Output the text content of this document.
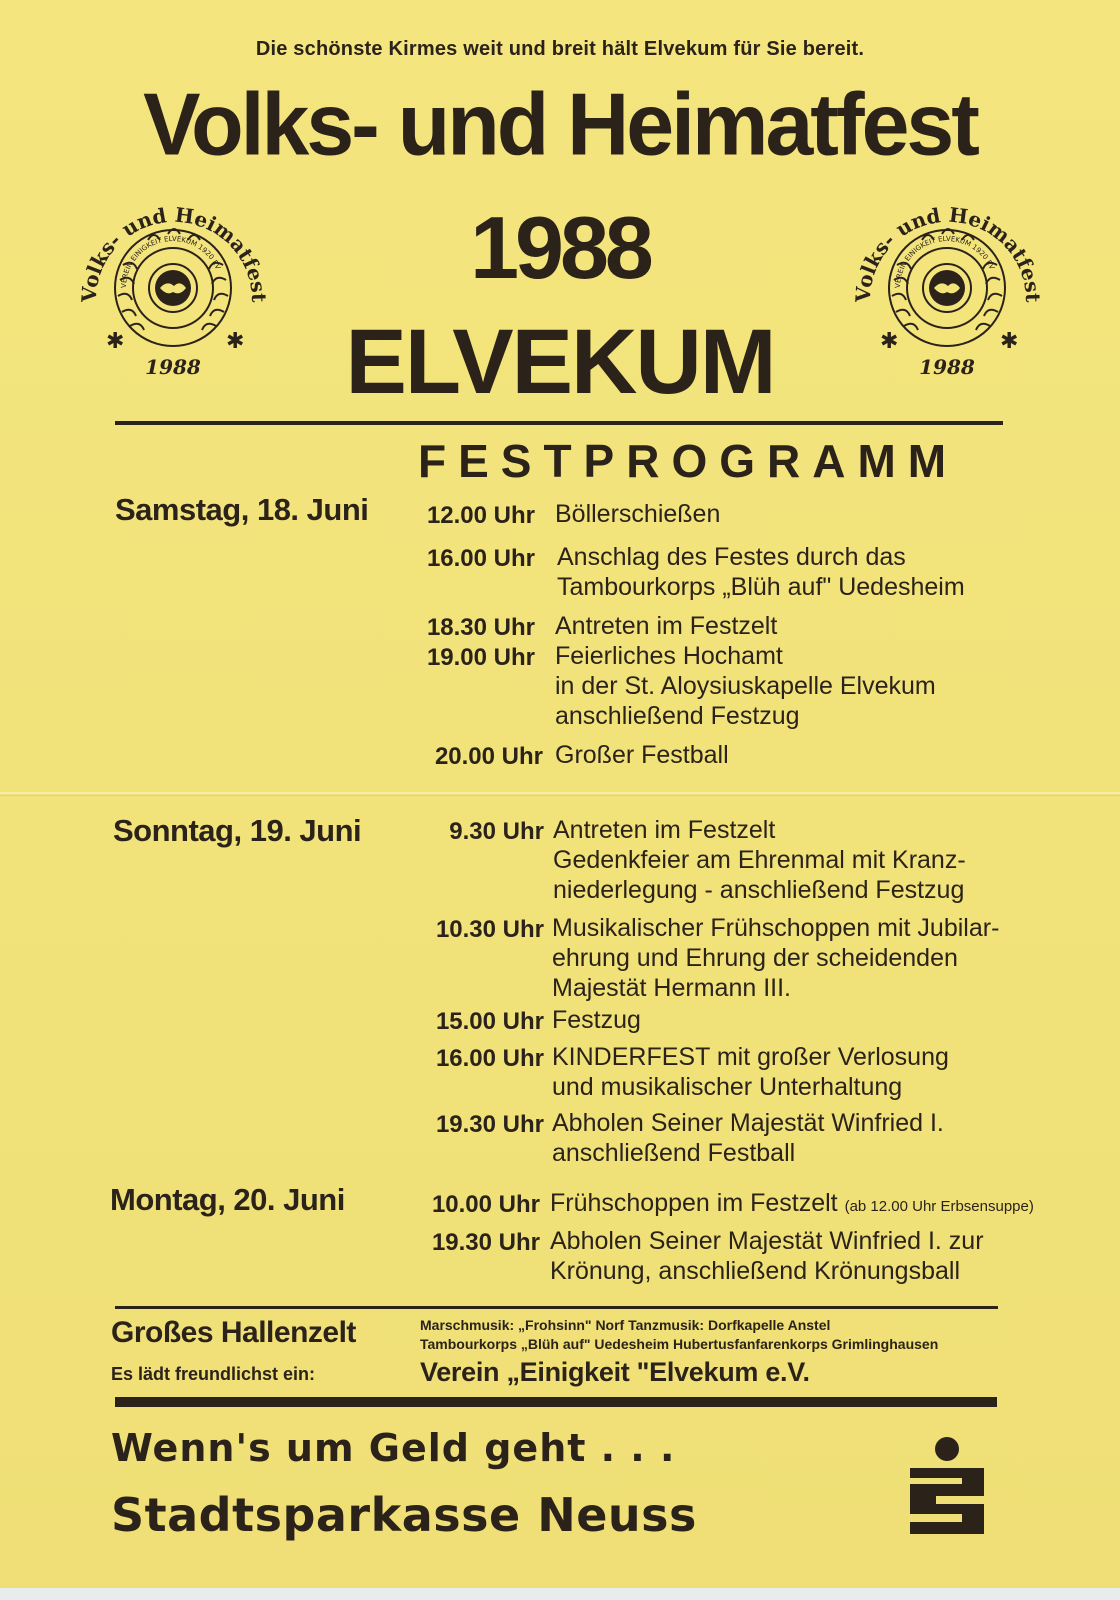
Die schönste Kirmes weit und breit hält Elvekum für Sie bereit.
Volks- und Heimatfest
1988
ELVEKUM
Volks- und Heimatfest
VEREIN EINIGKEIT ELVEKUM 1920 EV
✱	✱
1988
Volks- und Heimatfest
VEREIN EINIGKEIT ELVEKUM 1920 EV
✱	✱
1988
FESTPROGRAMM
Samstag, 18. Juni	12.00 Uhr Böllerschießen
16.00 Uhr Anschlag des Festes durch das
Tambourkorps „Blüh auf" Uedesheim
18.30 Uhr Antreten im Festzelt
19.00 Uhr Feierliches Hochamt
in der St. Aloysiuskapelle Elvekum
anschließend Festzug
20.00 Uhr Großer Festball
Sonntag, 19. Juni	9.30 Uhr Antreten im Festzelt
Gedenkfeier am Ehrenmal mit Kranz-
niederlegung - anschließend Festzug
10.30 Uhr Musikalischer Frühschoppen mit Jubilar-
ehrung und Ehrung der scheidenden
Majestät Hermann III.
15.00 Uhr Festzug
16.00 Uhr KINDERFEST mit großer Verlosung
und musikalischer Unterhaltung
19.30 Uhr Abholen Seiner Majestät Winfried I.
anschließend Festball
Montag, 20. Juni	10.00 Uhr Frühschoppen im Festzelt (ab 12.00 Uhr Erbsensuppe)
19.30 Uhr Abholen Seiner Majestät Winfried I. zur
Krönung, anschließend Krönungsball
Großes Hallenzelt	Marschmusik: „Frohsinn" Norf Tanzmusik: Dorfkapelle Anstel
Tambourkorps „Blüh auf" Uedesheim Hubertusfanfarenkorps Grimlinghausen
Es lädt freundlichst ein:	Verein „Einigkeit "Elvekum e.V.
Wenn's um Geld geht . . .
Stadtsparkasse Neuss
